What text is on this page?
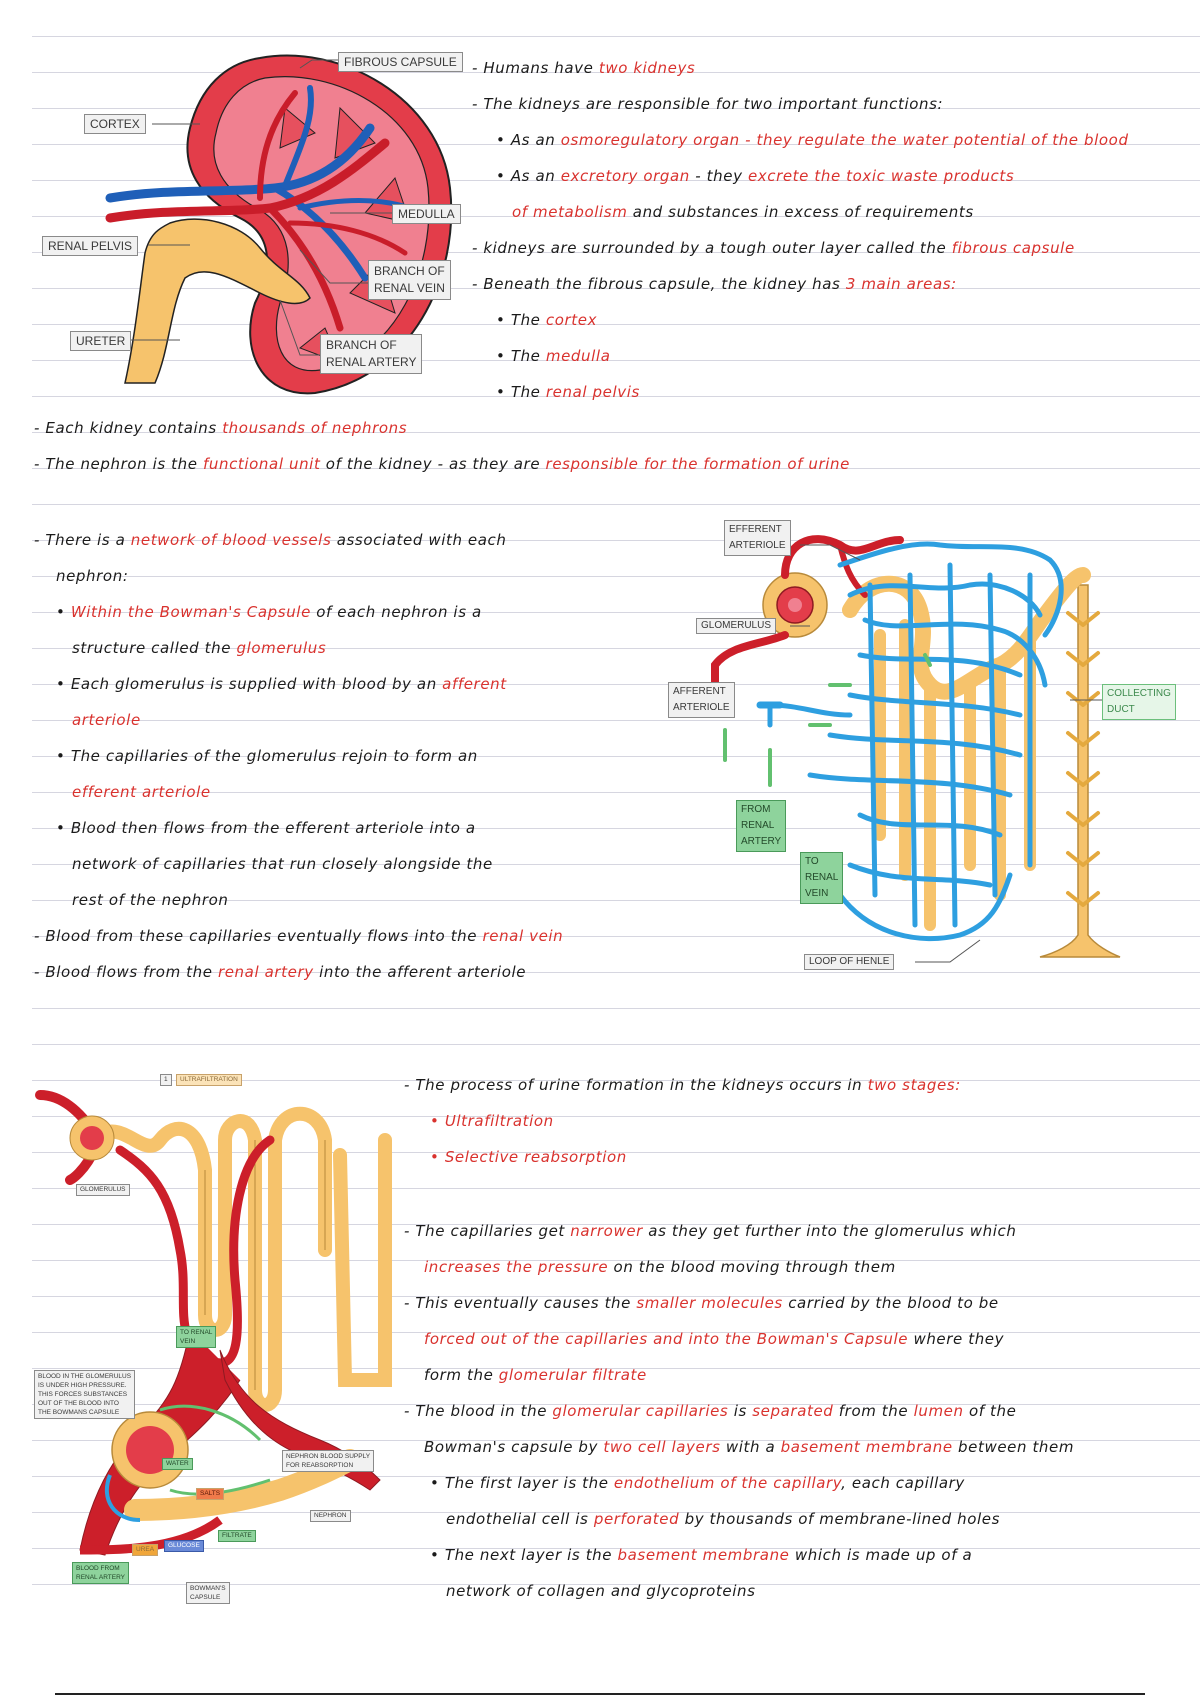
FIBROUS CAPSULE
CORTEX
MEDULLA
RENAL PELVIS
BRANCH OF
RENAL VEIN
URETER	BRANCH OF
RENAL ARTERY
- Humans have two kidneys
- The kidneys are responsible for two important functions:
• As an osmoregulatory organ - they regulate the water potential of the blood
• As an excretory organ - they excrete the toxic waste products
of metabolism and substances in excess of requirements
- kidneys are surrounded by a tough outer layer called the fibrous capsule
- Beneath the fibrous capsule, the kidney has 3 main areas:
• The cortex
• The medulla
• The renal pelvis
- Each kidney contains thousands of nephrons
- The nephron is the functional unit of the kidney - as they are responsible for the formation of urine
- There is a network of blood vessels associated with each
nephron:
• Within the Bowman's Capsule of each nephron is a
structure called the glomerulus
• Each glomerulus is supplied with blood by an afferent
arteriole
• The capillaries of the glomerulus rejoin to form an
efferent arteriole
• Blood then flows from the efferent arteriole into a
network of capillaries that run closely alongside the
rest of the nephron
- Blood from these capillaries eventually flows into the renal vein
- Blood flows from the renal artery into the afferent arteriole
EFFERENT
ARTERIOLE
GLOMERULUS
AFFERENT
ARTERIOLE
COLLECTING
DUCT
FROM
RENAL
ARTERY
TO
RENAL
VEIN
LOOP OF HENLE
1	ULTRAFILTRATION
GLOMERULUS
TO RENAL
VEIN
BLOOD IN THE GLOMERULUS
IS UNDER HIGH PRESSURE.
THIS FORCES SUBSTANCES
OUT OF THE BLOOD INTO
THE BOWMANS CAPSULE
NEPHRON BLOOD SUPPLY
FOR REABSORPTION
NEPHRON
WATER
SALTS
GLUCOSE
FILTRATE
UREA
BLOOD FROM
RENAL ARTERY
BOWMAN'S
CAPSULE
- The process of urine formation in the kidneys occurs in two stages:
• Ultrafiltration
• Selective reabsorption
- The capillaries get narrower as they get further into the glomerulus which
increases the pressure on the blood moving through them
- This eventually causes the smaller molecules carried by the blood to be
forced out of the capillaries and into the Bowman's Capsule where they
form the glomerular filtrate
- The blood in the glomerular capillaries is separated from the lumen of the
Bowman's capsule by two cell layers with a basement membrane between them
• The first layer is the endothelium of the capillary, each capillary
endothelial cell is perforated by thousands of membrane-lined holes
• The next layer is the basement membrane which is made up of a
network of collagen and glycoproteins
